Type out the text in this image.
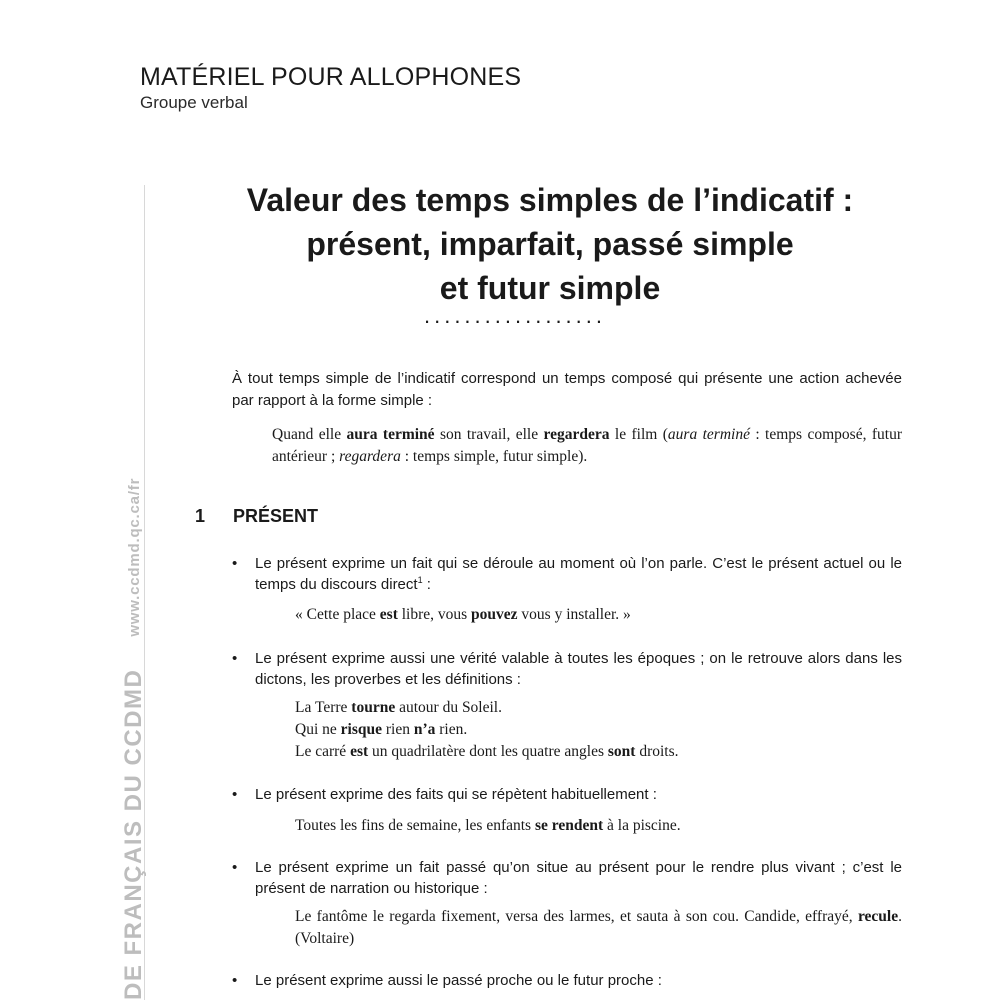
MATÉRIEL POUR ALLOPHONES
Groupe verbal
DE FRANÇAIS DU CCDMDwww.ccdmd.qc.ca/fr
Valeur des temps simples de l’indicatif :
présent, imparfait, passé simple
et futur simple
..................
À tout temps simple de l’indicatif correspond un temps composé qui présente une action achevée par rapport à la forme simple :
Quand elle aura terminé son travail, elle regardera le film (aura terminé : temps composé, futur antérieur ; regardera : temps simple, futur simple).
1 PRÉSENT
• Le présent exprime un fait qui se déroule au moment où l’on parle. C’est le présent actuel ou le temps du discours direct$^1$ :
« Cette place est libre, vous pouvez vous y installer. »
• Le présent exprime aussi une vérité valable à toutes les époques ; on le retrouve alors dans les dictons, les proverbes et les définitions :
La Terre tourne autour du Soleil.
Qui ne risque rien n’a rien.
Le carré est un quadrilatère dont les quatre angles sont droits.
• Le présent exprime des faits qui se répètent habituellement :
Toutes les fins de semaine, les enfants se rendent à la piscine.
• Le présent exprime un fait passé qu’on situe au présent pour le rendre plus vivant ; c’est le présent de narration ou historique :
Le fantôme le regarda fixement, versa des larmes, et sauta à son cou. Candide, effrayé, recule. (Voltaire)
• Le présent exprime aussi le passé proche ou le futur proche :
